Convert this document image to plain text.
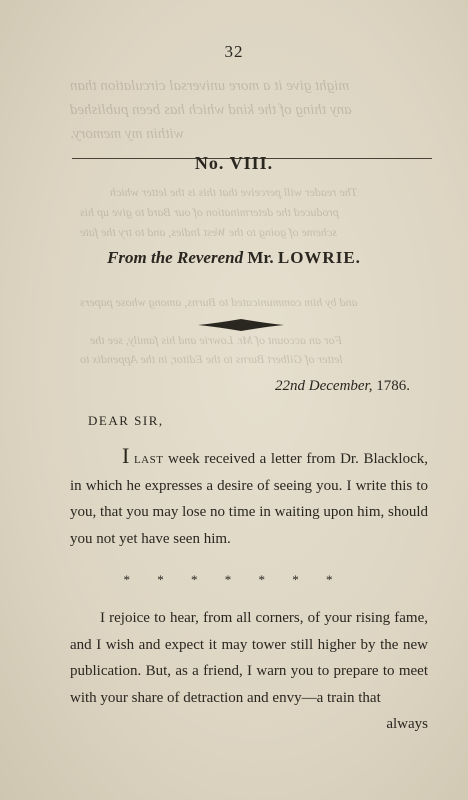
might give it a more universal circulation than
any thing of the kind which has been published
within my memory.
The reader will perceive that this is the letter which
produced the determination of our Bard to give up his
scheme of going to the West Indies, and to try the fate
and by him communicated to Burns, among whose papers
For an account of Mr. Lowrie and his family, see the
letter of Gilbert Burns to the Editor, in the Appendix to
32
No. VIII.
From the Reverend Mr. LOWRIE.
22nd December, 1786.
DEAR SIR,
I last week received a letter from Dr. Blacklock, in which he expresses a desire of seeing you. I write this to you, that you may lose no time in waiting upon him, should you not yet have seen him.
* * * * * * *
I rejoice to hear, from all corners, of your rising fame, and I wish and expect it may tower still higher by the new publication. But, as a friend, I warn you to prepare to meet with your share of detraction and envy—a train that
always
